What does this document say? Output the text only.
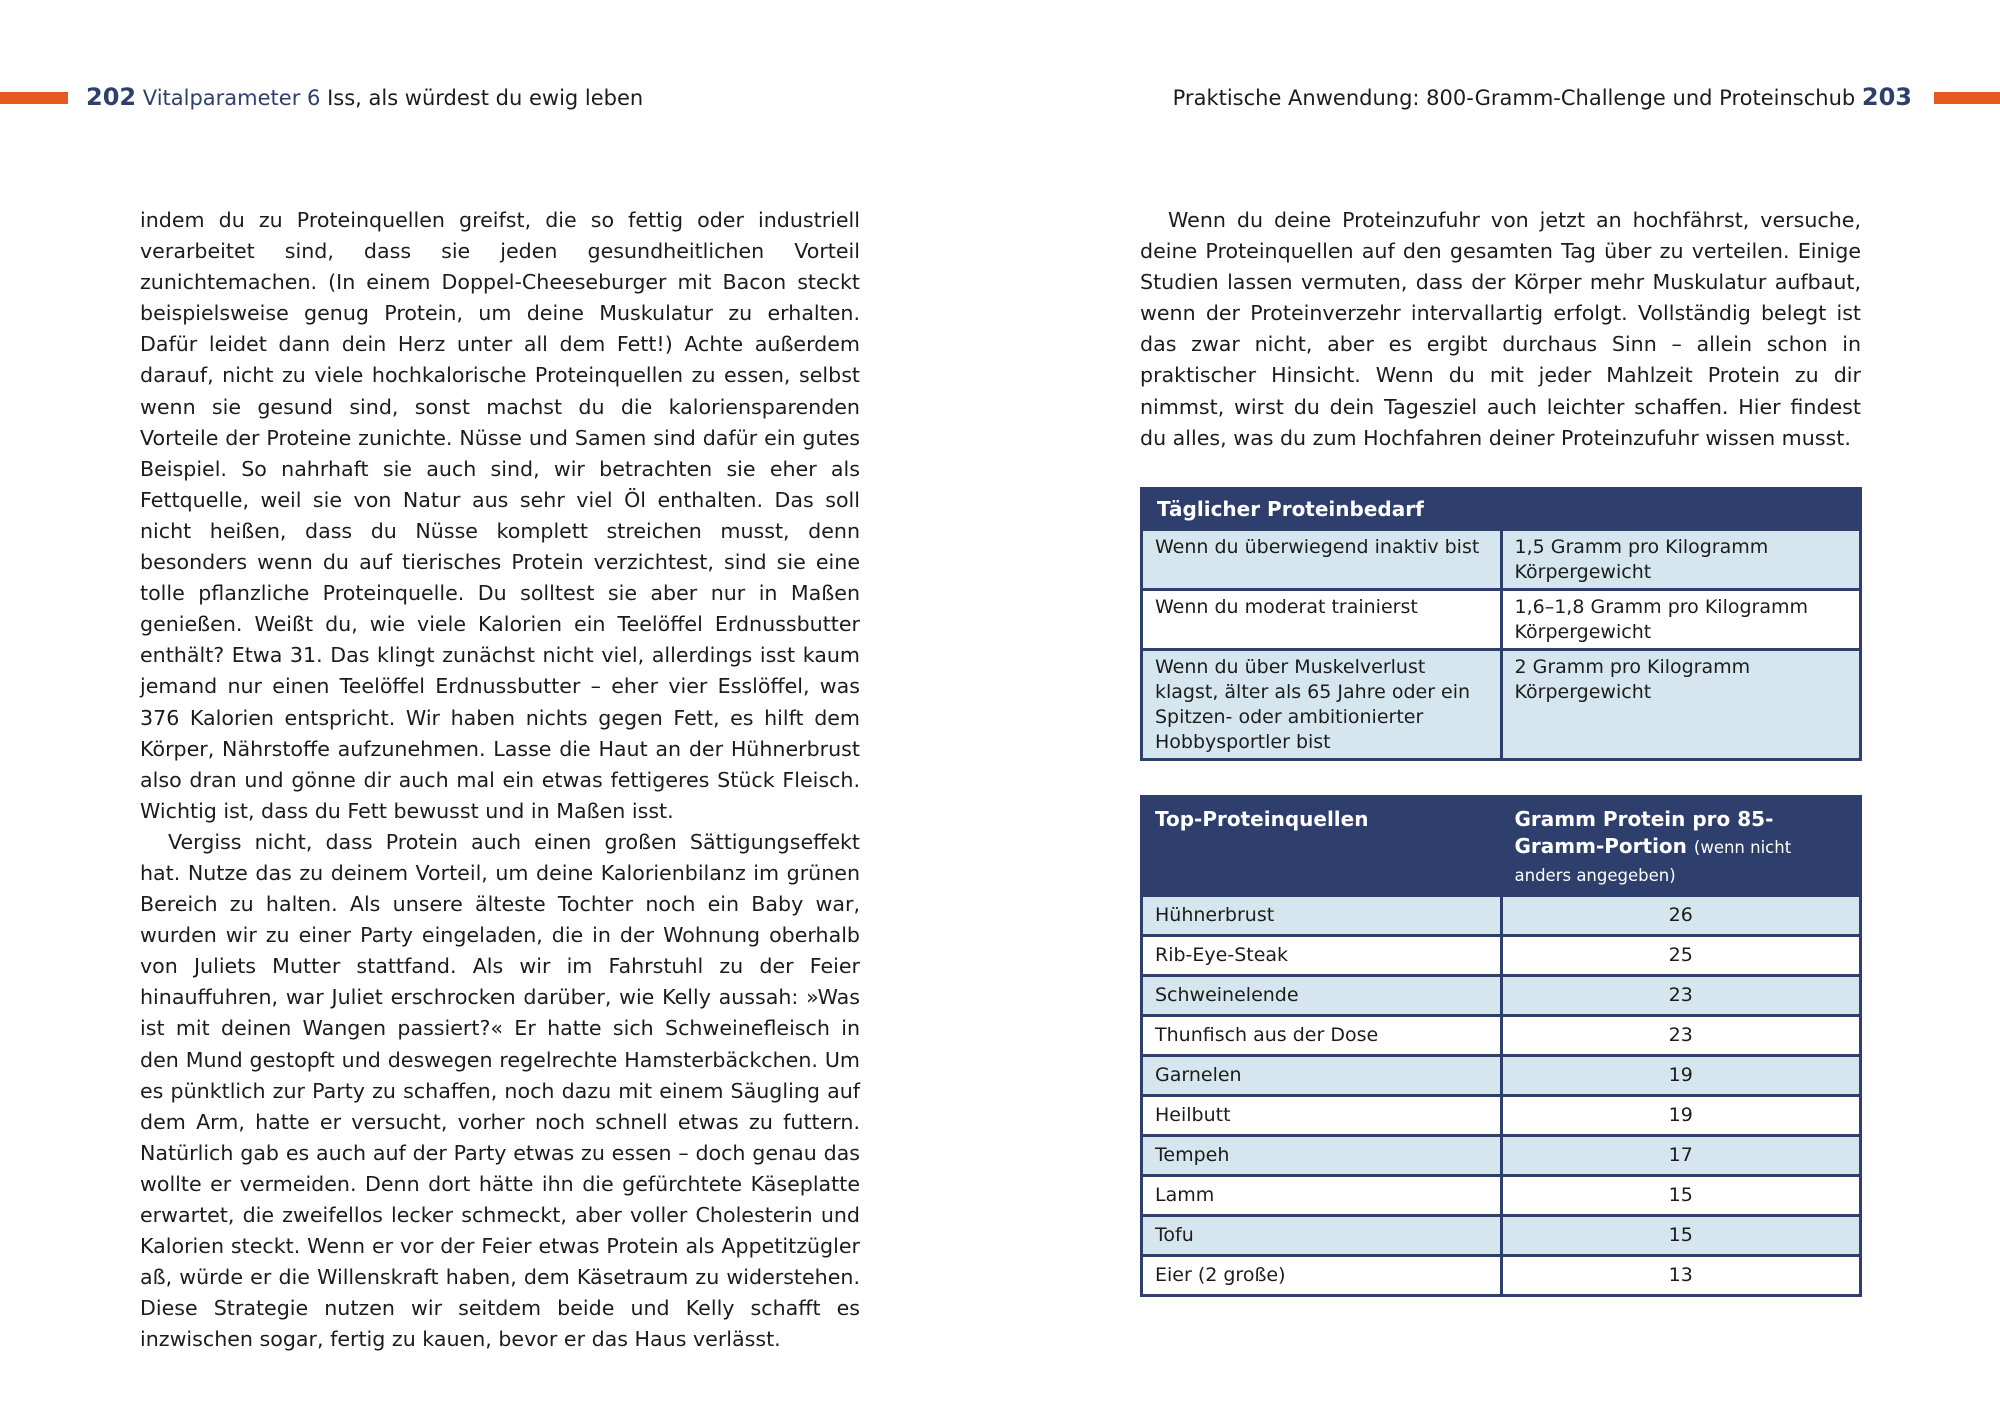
202 Vitalparameter 6 Iss, als würdest du ewig leben	Praktische Anwendung: 800-Gramm-Challenge und Proteinschub 203

indem du zu Proteinquellen greifst, die so fettig oder industriell verarbeitet sind, dass sie jeden gesundheitlichen Vorteil zunichtemachen. (In einem Doppel-Cheeseburger mit Bacon steckt beispielsweise genug Protein, um deine Muskulatur zu erhalten. Dafür leidet dann dein Herz unter all dem Fett!) Achte außerdem darauf, nicht zu viele hochkalorische Proteinquellen zu essen, selbst wenn sie gesund sind, sonst machst du die kaloriensparenden Vorteile der Proteine zunichte. Nüsse und Samen sind dafür ein gutes Beispiel. So nahrhaft sie auch sind, wir betrachten sie eher als Fettquelle, weil sie von Natur aus sehr viel Öl enthalten. Das soll nicht heißen, dass du Nüsse komplett streichen musst, denn besonders wenn du auf tierisches Protein verzichtest, sind sie eine tolle pflanzliche Proteinquelle. Du solltest sie aber nur in Maßen genießen. Weißt du, wie viele Kalorien ein Teelöffel Erdnussbutter enthält? Etwa 31. Das klingt zunächst nicht viel, allerdings isst kaum jemand nur einen Teelöffel Erdnussbutter – eher vier Esslöffel, was 376 Kalorien entspricht. Wir haben nichts gegen Fett, es hilft dem Körper, Nährstoffe aufzunehmen. Lasse die Haut an der Hühnerbrust also dran und gönne dir auch mal ein etwas fettigeres Stück Fleisch. Wichtig ist, dass du Fett bewusst und in Maßen isst.

Vergiss nicht, dass Protein auch einen großen Sättigungseffekt hat. Nutze das zu deinem Vorteil, um deine Kalorienbilanz im grünen Bereich zu halten. Als unsere älteste Tochter noch ein Baby war, wurden wir zu einer Party eingeladen, die in der Wohnung oberhalb von Juliets Mutter stattfand. Als wir im Fahrstuhl zu der Feier hinauffuhren, war Juliet erschrocken darüber, wie Kelly aussah: »Was ist mit deinen Wangen passiert?« Er hatte sich Schweinefleisch in den Mund gestopft und deswegen regelrechte Hamsterbäckchen. Um es pünktlich zur Party zu schaffen, noch dazu mit einem Säugling auf dem Arm, hatte er versucht, vorher noch schnell etwas zu futtern. Natürlich gab es auch auf der Party etwas zu essen – doch genau das wollte er vermeiden. Denn dort hätte ihn die gefürchtete Käseplatte erwartet, die zweifellos lecker schmeckt, aber voller Cholesterin und Kalorien steckt. Wenn er vor der Feier etwas Protein als Appetitzügler aß, würde er die Willenskraft haben, dem Käsetraum zu widerstehen. Diese Strategie nutzen wir seitdem beide und Kelly schafft es inzwischen sogar, fertig zu kauen, bevor er das Haus verlässt.

Wenn du deine Proteinzufuhr von jetzt an hochfährst, versuche, deine Proteinquellen auf den gesamten Tag über zu verteilen. Einige Studien lassen vermuten, dass der Körper mehr Muskulatur aufbaut, wenn der Proteinverzehr intervallartig erfolgt. Vollständig belegt ist das zwar nicht, aber es ergibt durchaus Sinn – allein schon in praktischer Hinsicht. Wenn du mit jeder Mahlzeit Protein zu dir nimmst, wirst du dein Tagesziel auch leichter schaffen. Hier findest du alles, was du zum Hochfahren deiner Proteinzufuhr wissen musst.

Täglicher Proteinbedarf	
Wenn du überwiegend inaktiv bist	1,5 Gramm pro Kilogramm Körpergewicht
Wenn du moderat trainierst	1,6–1,8 Gramm pro Kilogramm Körpergewicht
Wenn du über Muskelverlust klagst, älter als 65 Jahre oder ein Spitzen- oder ambitionierter Hobbysportler bist	2 Gramm pro Kilogramm Körpergewicht
Top-Proteinquellen	Gramm Protein pro 85-Gramm-Portion (wenn nicht anders angegeben)
Hühnerbrust	26
Rib-Eye-Steak	25
Schweinelende	23
Thunfisch aus der Dose	23
Garnelen	19
Heilbutt	19
Tempeh	17
Lamm	15
Tofu	15
Eier (2 große)	13
